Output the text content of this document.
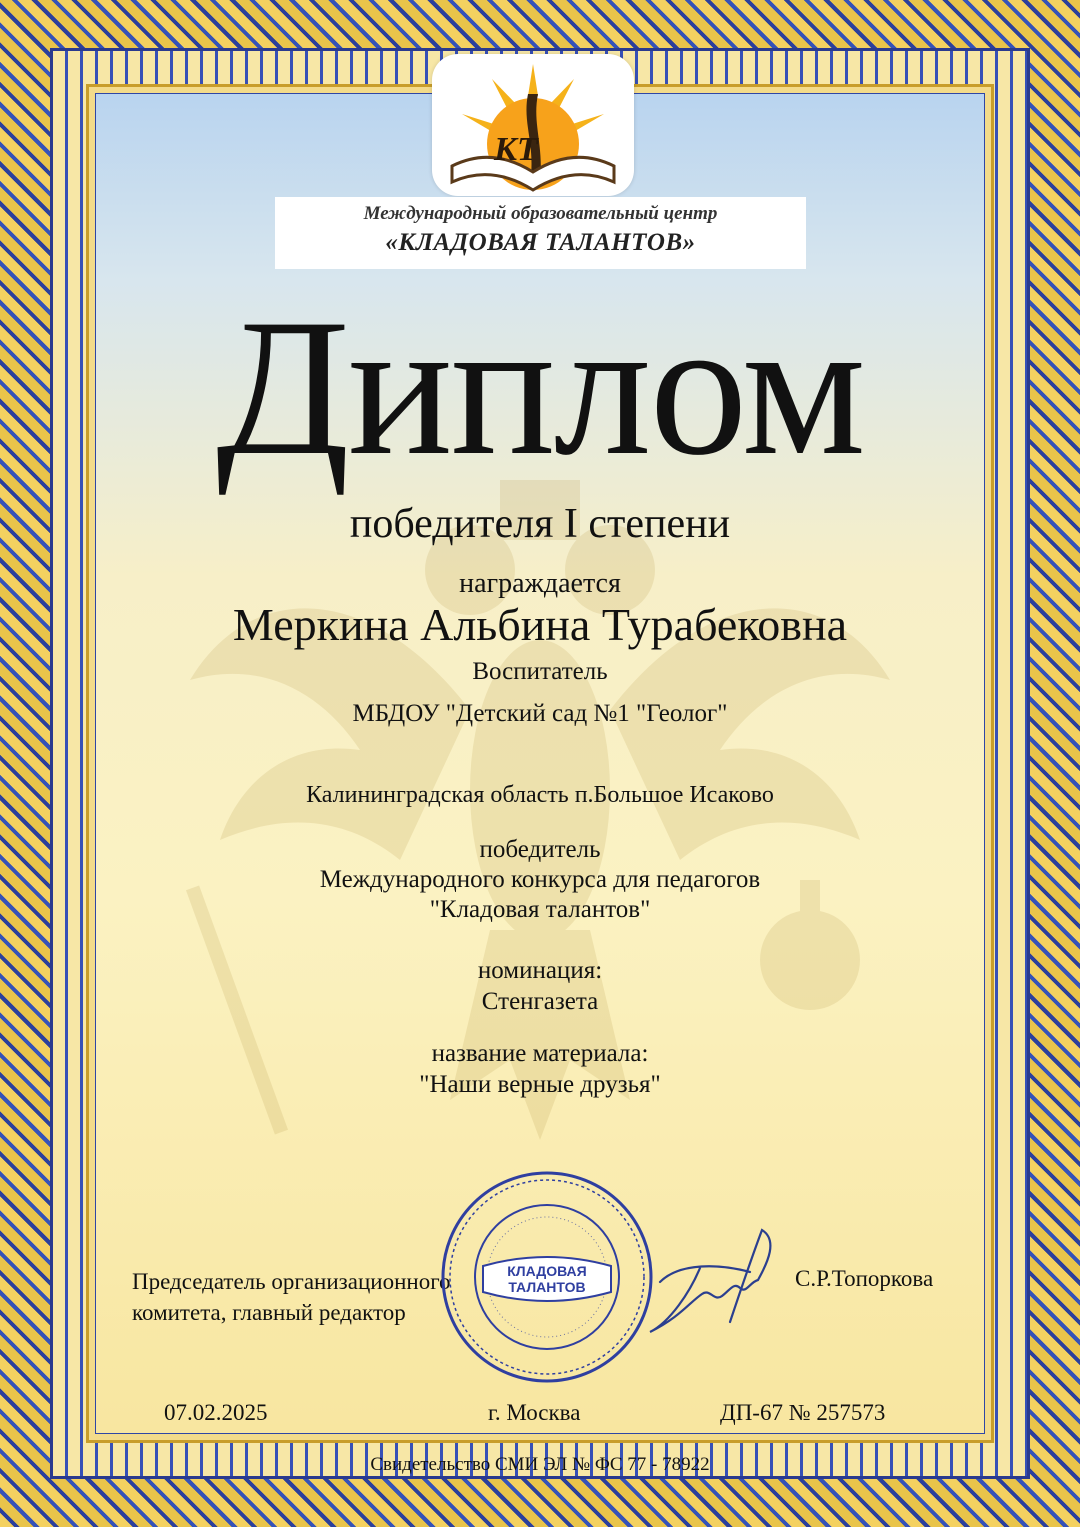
КТ
Международный образовательный центр
«КЛАДОВАЯ ТАЛАНТОВ»
Диплом
победителя I степени
награждается
Меркина Альбина Турабековна
Воспитатель
МБДОУ "Детский сад №1 "Геолог"
Калининградская область п.Большое Исаково
победитель
Международного конкурса для педагогов
"Кладовая талантов"
номинация:
Стенгазета
название материала:
"Наши верные друзья"
Председатель организационного
комитета, главный редактор
КЛАДОВАЯ
ТАЛАНТОВ	С.Р.Топоркова
07.02.2025	г. Москва	ДП-67 № 257573
Свидетельство СМИ ЭЛ № ФС 77 - 78922
